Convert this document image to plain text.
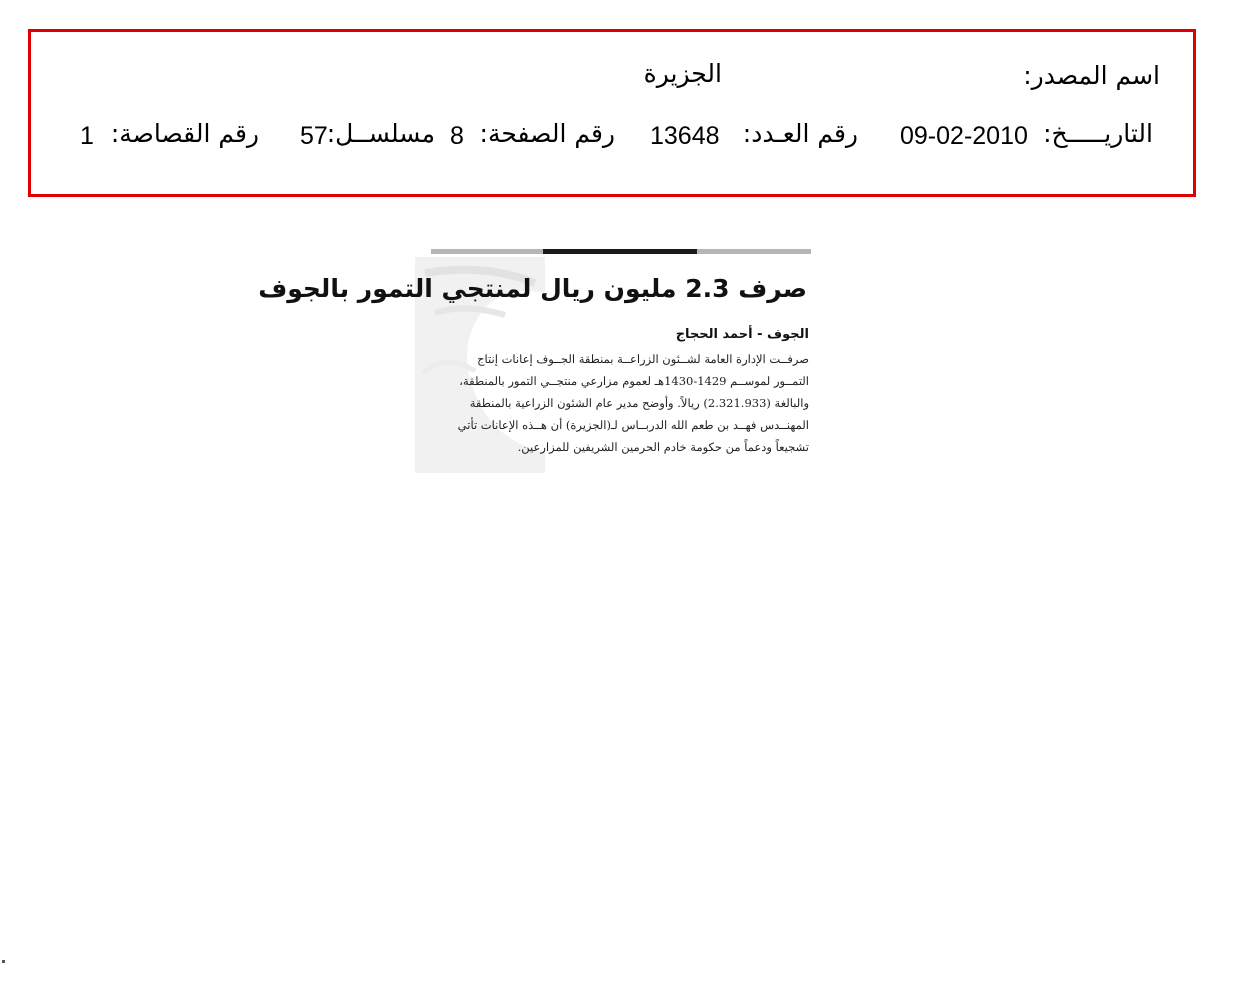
اسم المصدر:
الجزيرة
التاريـــــخ:
09-02-2010
رقم العـدد:
13648
رقم الصفحة:
8
مسلســل:
57
رقم القصاصة:
1
صرف 2.3 مليون ريال لمنتجي التمور بالجوف
الجوف - أحمد الحجاج
صرفــت الإدارة العامة لشــئون الزراعــة بمنطقة الجــوف إعانات إنتاج
التمــور لموســم 1429-1430هـ لعموم مزارعي منتجــي التمور بالمنطقة،
والبالغة (2.321.933) ريالاً. وأوضح مدير عام الشئون الزراعية بالمنطقة
المهنــدس فهــد بن طعم الله الدربــاس لـ(الجزيرة) أن هــذه الإعانات تأتي
تشجيعاً ودعماً من حكومة خادم الحرمين الشريفين للمزارعين.
